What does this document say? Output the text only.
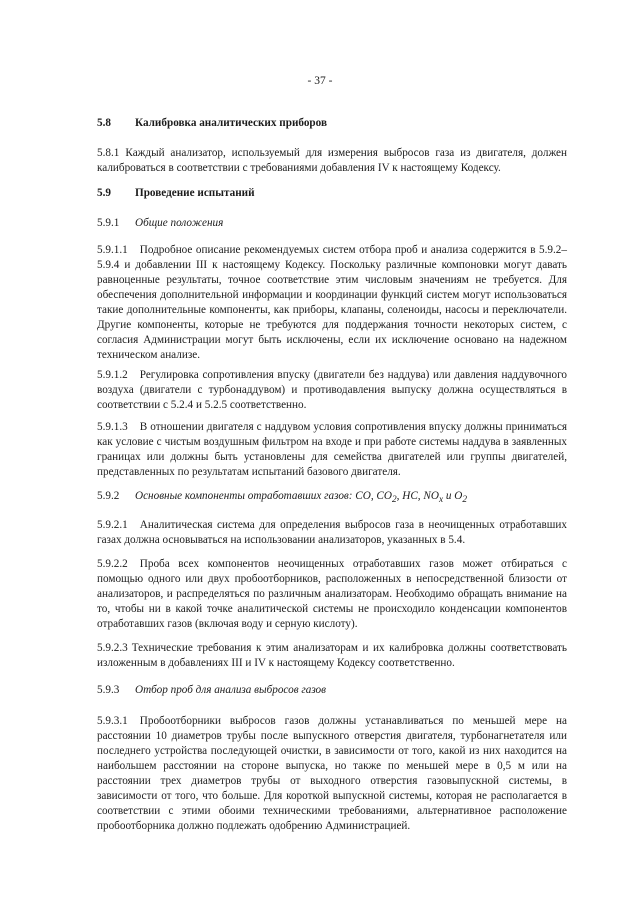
- 37 -
5.8 Калибровка аналитических приборов

5.8.1 Каждый анализатор, используемый для измерения выбросов газа из двигателя, должен калиброваться в соответствии с требованиями добавления IV к настоящему Кодексу.

5.9 Проведение испытаний
5.9.1 Общие положения

5.9.1.1 Подробное описание рекомендуемых систем отбора проб и анализа содержится в 5.9.2–5.9.4 и добавлении III к настоящему Кодексу. Поскольку различные компоновки могут давать равноценные результаты, точное соответствие этим числовым значениям не требуется. Для обеспечения дополнительной информации и координации функций систем могут использоваться такие дополнительные компоненты, как приборы, клапаны, соленоиды, насосы и переключатели. Другие компоненты, которые не требуются для поддержания точности некоторых систем, с согласия Администрации могут быть исключены, если их исключение основано на надежном техническом анализе.

5.9.1.2 Регулировка сопротивления впуску (двигатели без наддува) или давления наддувочного воздуха (двигатели с турбонаддувом) и противодавления выпуску должна осуществляться в соответствии с 5.2.4 и 5.2.5 соответственно.

5.9.1.3 В отношении двигателя с наддувом условия сопротивления впуску должны приниматься как условие с чистым воздушным фильтром на входе и при работе системы наддува в заявленных границах или должны быть установлены для семейства двигателей или группы двигателей, представленных по результатам испытаний базового двигателя.

5.9.2 Основные компоненты отработавших газов: CO, $CO_2$, HC, $NO_x$ и $O_2$

5.9.2.1 Аналитическая система для определения выбросов газа в неочищенных отработавших газах должна основываться на использовании анализаторов, указанных в 5.4.

5.9.2.2 Проба всех компонентов неочищенных отработавших газов может отбираться с помощью одного или двух пробоотборников, расположенных в непосредственной близости от анализаторов, и распределяться по различным анализаторам. Необходимо обращать внимание на то, чтобы ни в какой точке аналитической системы не происходило конденсации компонентов отработавших газов (включая воду и серную кислоту).

5.9.2.3 Технические требования к этим анализаторам и их калибровка должны соответствовать изложенным в добавлениях III и IV к настоящему Кодексу соответственно.

5.9.3 Отбор проб для анализа выбросов газов

5.9.3.1 Пробоотборники выбросов газов должны устанавливаться по меньшей мере на расстоянии 10 диаметров трубы после выпускного отверстия двигателя, турбонагнетателя или последнего устройства последующей очистки, в зависимости от того, какой из них находится на наибольшем расстоянии на стороне выпуска, но также по меньшей мере в 0,5 м или на расстоянии трех диаметров трубы от выходного отверстия газовыпускной системы, в зависимости от того, что больше. Для короткой выпускной системы, которая не располагается в соответствии с этими обоими техническими требованиями, альтернативное расположение пробоотборника должно подлежать одобрению Администрацией.
